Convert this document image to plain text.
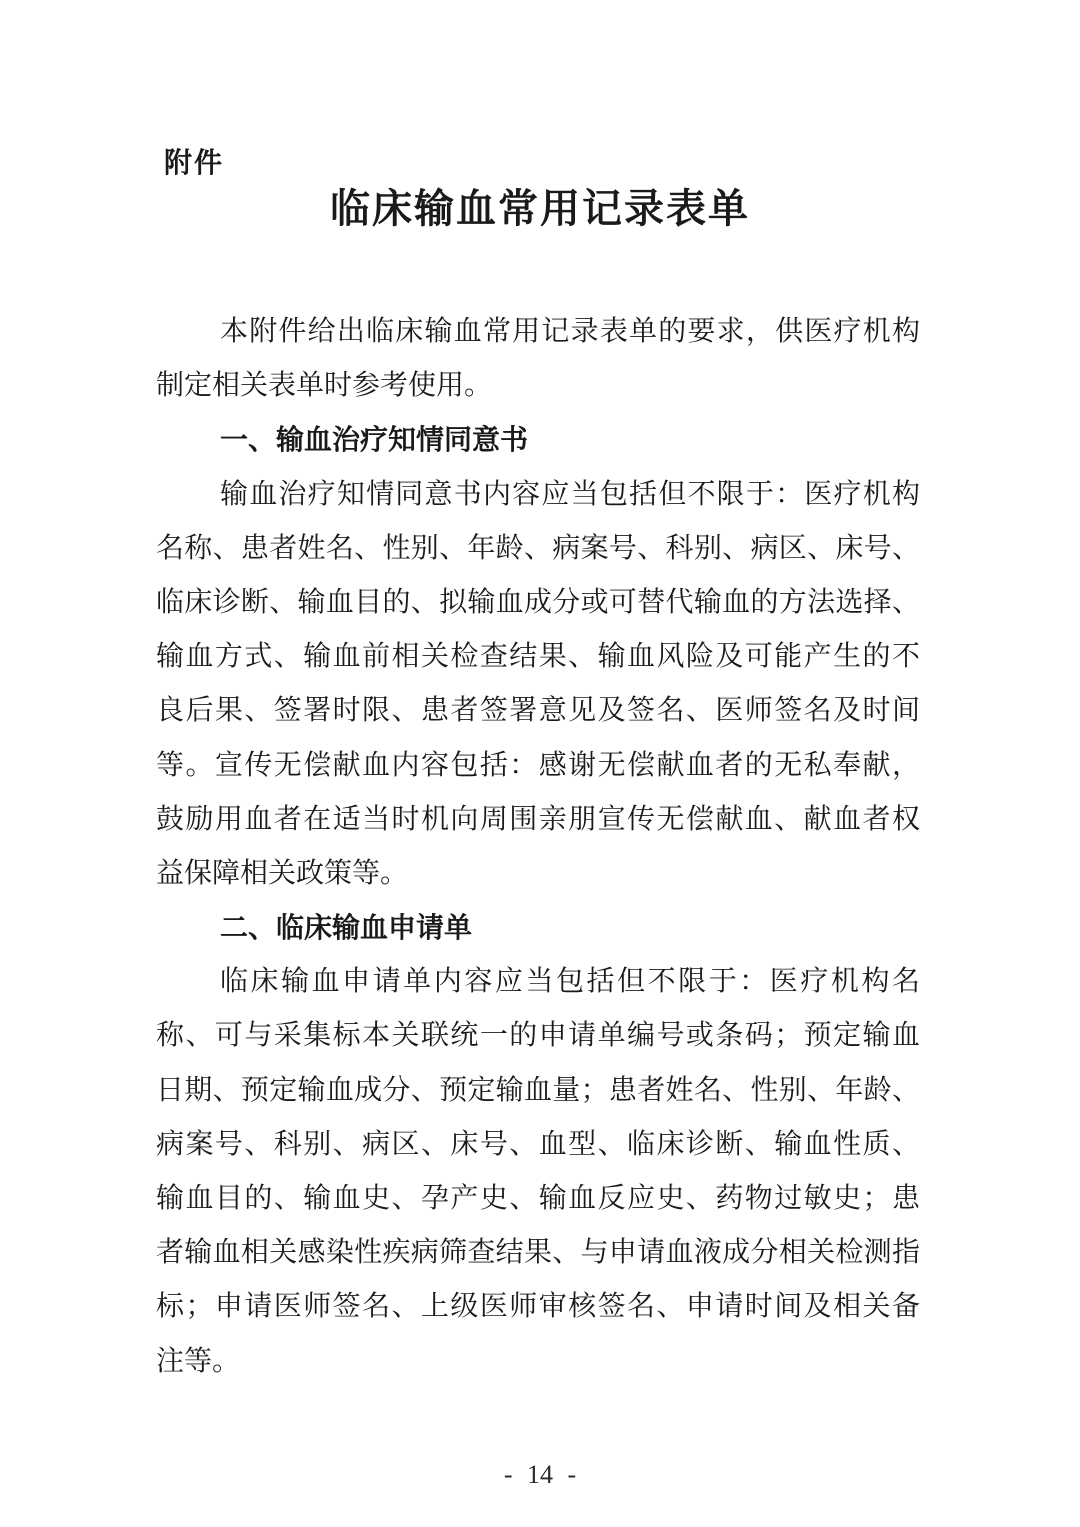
附件
临床输血常用记录表单
本附件给出临床输血常用记录表单的要求，供医疗机构
制定相关表单时参考使用。
一、输血治疗知情同意书
输血治疗知情同意书内容应当包括但不限于：医疗机构
名称、患者姓名、性别、年龄、病案号、科别、病区、床号、
临床诊断、输血目的、拟输血成分或可替代输血的方法选择、
输血方式、输血前相关检查结果、输血风险及可能产生的不
良后果、签署时限、患者签署意见及签名、医师签名及时间
等。宣传无偿献血内容包括：感谢无偿献血者的无私奉献，
鼓励用血者在适当时机向周围亲朋宣传无偿献血、献血者权
益保障相关政策等。
二、临床输血申请单
临床输血申请单内容应当包括但不限于：医疗机构名
称、可与采集标本关联统一的申请单编号或条码；预定输血
日期、预定输血成分、预定输血量；患者姓名、性别、年龄、
病案号、科别、病区、床号、血型、临床诊断、输血性质、
输血目的、输血史、孕产史、输血反应史、药物过敏史；患
者输血相关感染性疾病筛查结果、与申请血液成分相关检测指
标；申请医师签名、上级医师审核签名、申请时间及相关备
注等。
- 14 -
